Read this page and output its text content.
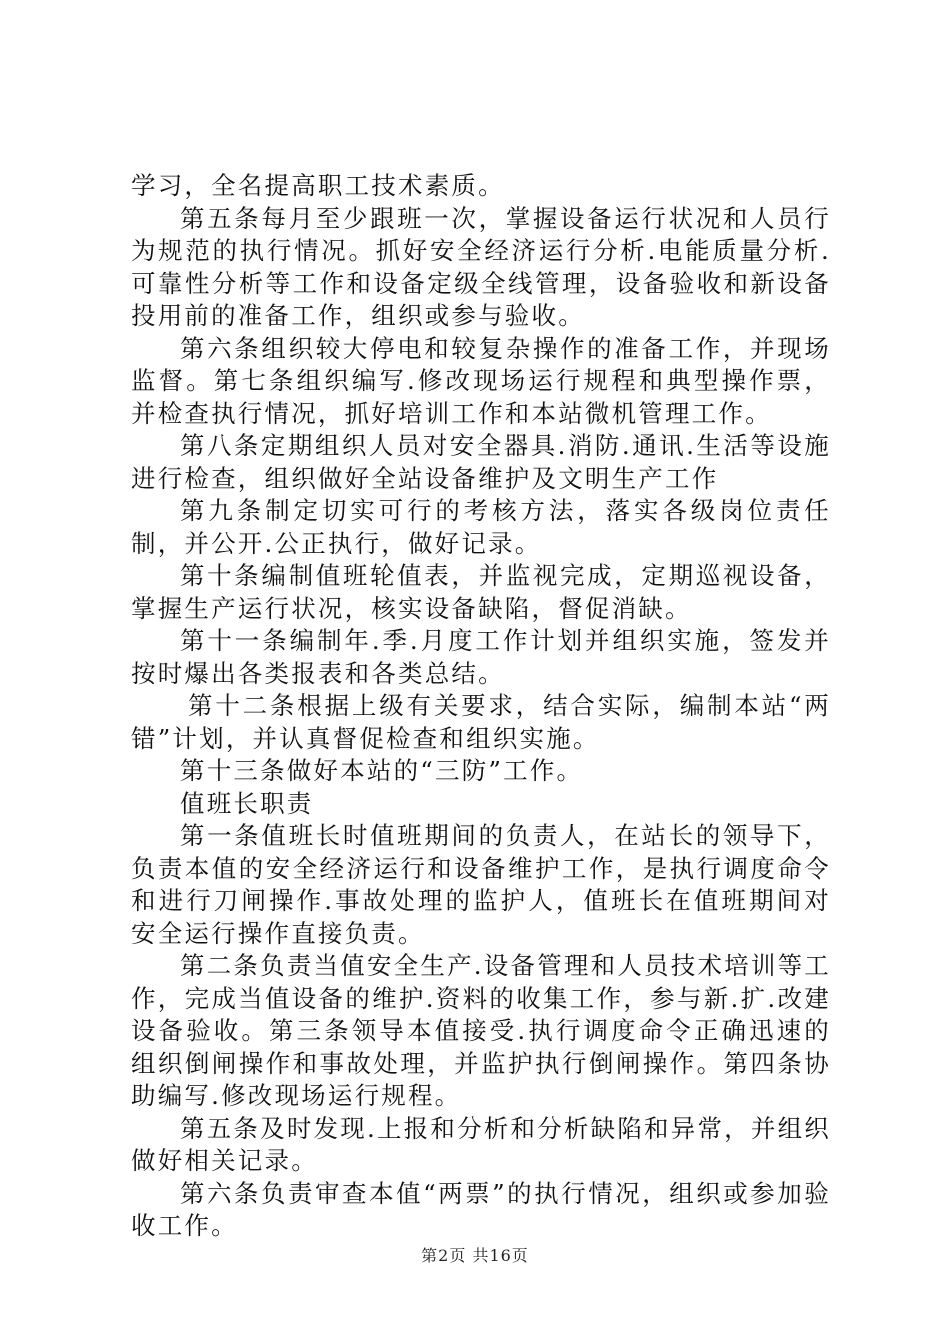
学习，全名提高职工技术素质。

第五条每月至少跟班一次，掌握设备运行状况和人员行为规范的执行情况。抓好安全经济运行分析.电能质量分析.可靠性分析等工作和设备定级全线管理，设备验收和新设备投用前的准备工作，组织或参与验收。

第六条组织较大停电和较复杂操作的准备工作，并现场监督。第七条组织编写.修改现场运行规程和典型操作票，并检查执行情况，抓好培训工作和本站微机管理工作。

第八条定期组织人员对安全器具.消防.通讯.生活等设施进行检查，组织做好全站设备维护及文明生产工作

第九条制定切实可行的考核方法，落实各级岗位责任制，并公开.公正执行，做好记录。

第十条编制值班轮值表，并监视完成，定期巡视设备，掌握生产运行状况，核实设备缺陷，督促消缺。

第十一条编制年.季.月度工作计划并组织实施，签发并按时爆出各类报表和各类总结。

第十二条根据上级有关要求，结合实际，编制本站“两错”计划，并认真督促检查和组织实施。

第十三条做好本站的“三防”工作。

值班长职责

第一条值班长时值班期间的负责人，在站长的领导下，负责本值的安全经济运行和设备维护工作，是执行调度命令和进行刀闸操作.事故处理的监护人，值班长在值班期间对安全运行操作直接负责。

第二条负责当值安全生产.设备管理和人员技术培训等工作，完成当值设备的维护.资料的收集工作，参与新.扩.改建设备验收。第三条领导本值接受.执行调度命令正确迅速的组织倒闸操作和事故处理，并监护执行倒闸操作。第四条协助编写.修改现场运行规程。

第五条及时发现.上报和分析和分析缺陷和异常，并组织做好相关记录。

第六条负责审查本值“两票”的执行情况，组织或参加验收工作。

第2页 共16页
